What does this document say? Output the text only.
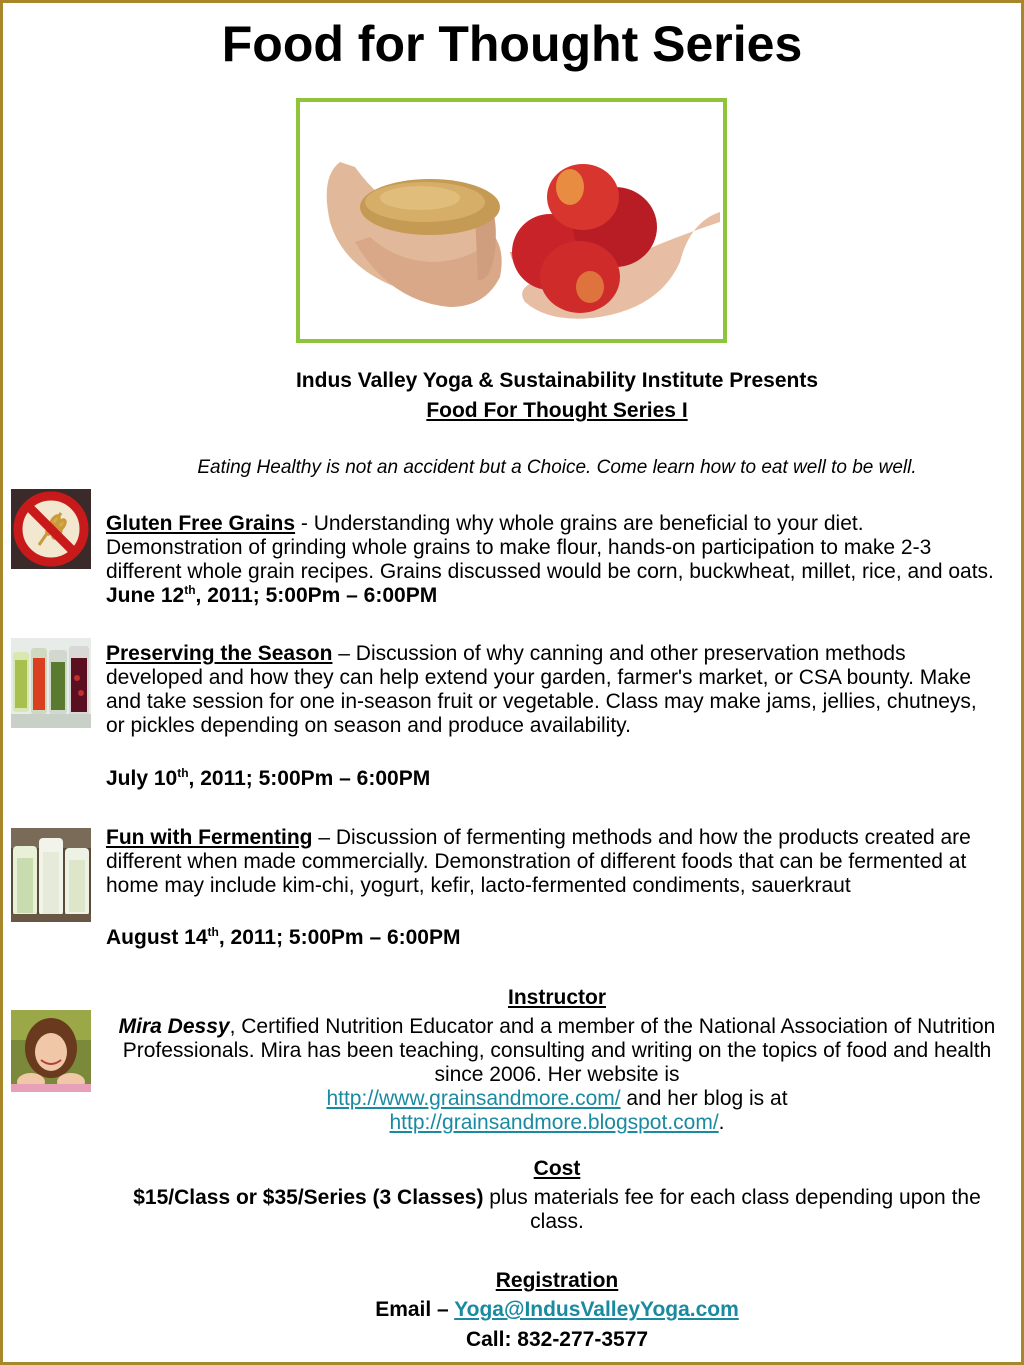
Food for Thought Series
Indus Valley Yoga & Sustainability Institute Presents
Food For Thought Series I
Eating Healthy is not an accident but a Choice. Come learn how to eat well to be well.
Gluten Free Grains - Understanding why whole grains are beneficial to your diet. Demonstration of grinding whole grains to make flour, hands-on participation to make 2-3 different whole grain recipes. Grains discussed would be corn, buckwheat, millet, rice, and oats. June 12th, 2011; 5:00Pm – 6:00PM
Preserving the Season – Discussion of why canning and other preservation methods developed and how they can help extend your garden, farmer's market, or CSA bounty. Make and take session for one in-season fruit or vegetable. Class may make jams, jellies, chutneys, or pickles depending on season and produce availability.
July 10th, 2011; 5:00Pm – 6:00PM
Fun with Fermenting – Discussion of fermenting methods and how the products created are different when made commercially. Demonstration of different foods that can be fermented at home may include kim-chi, yogurt, kefir, lacto-fermented condiments, sauerkraut
August 14th, 2011; 5:00Pm – 6:00PM
Instructor
Mira Dessy, Certified Nutrition Educator and a member of the National Association of Nutrition Professionals. Mira has been teaching, consulting and writing on the topics of food and health since 2006. Her website is
http://www.grainsandmore.com/ and her blog is at
http://grainsandmore.blogspot.com/.
Cost
$15/Class or $35/Series (3 Classes) plus materials fee for each class depending upon the class.
Registration
Email – Yoga@IndusValleyYoga.com
Call: 832-277-3577
